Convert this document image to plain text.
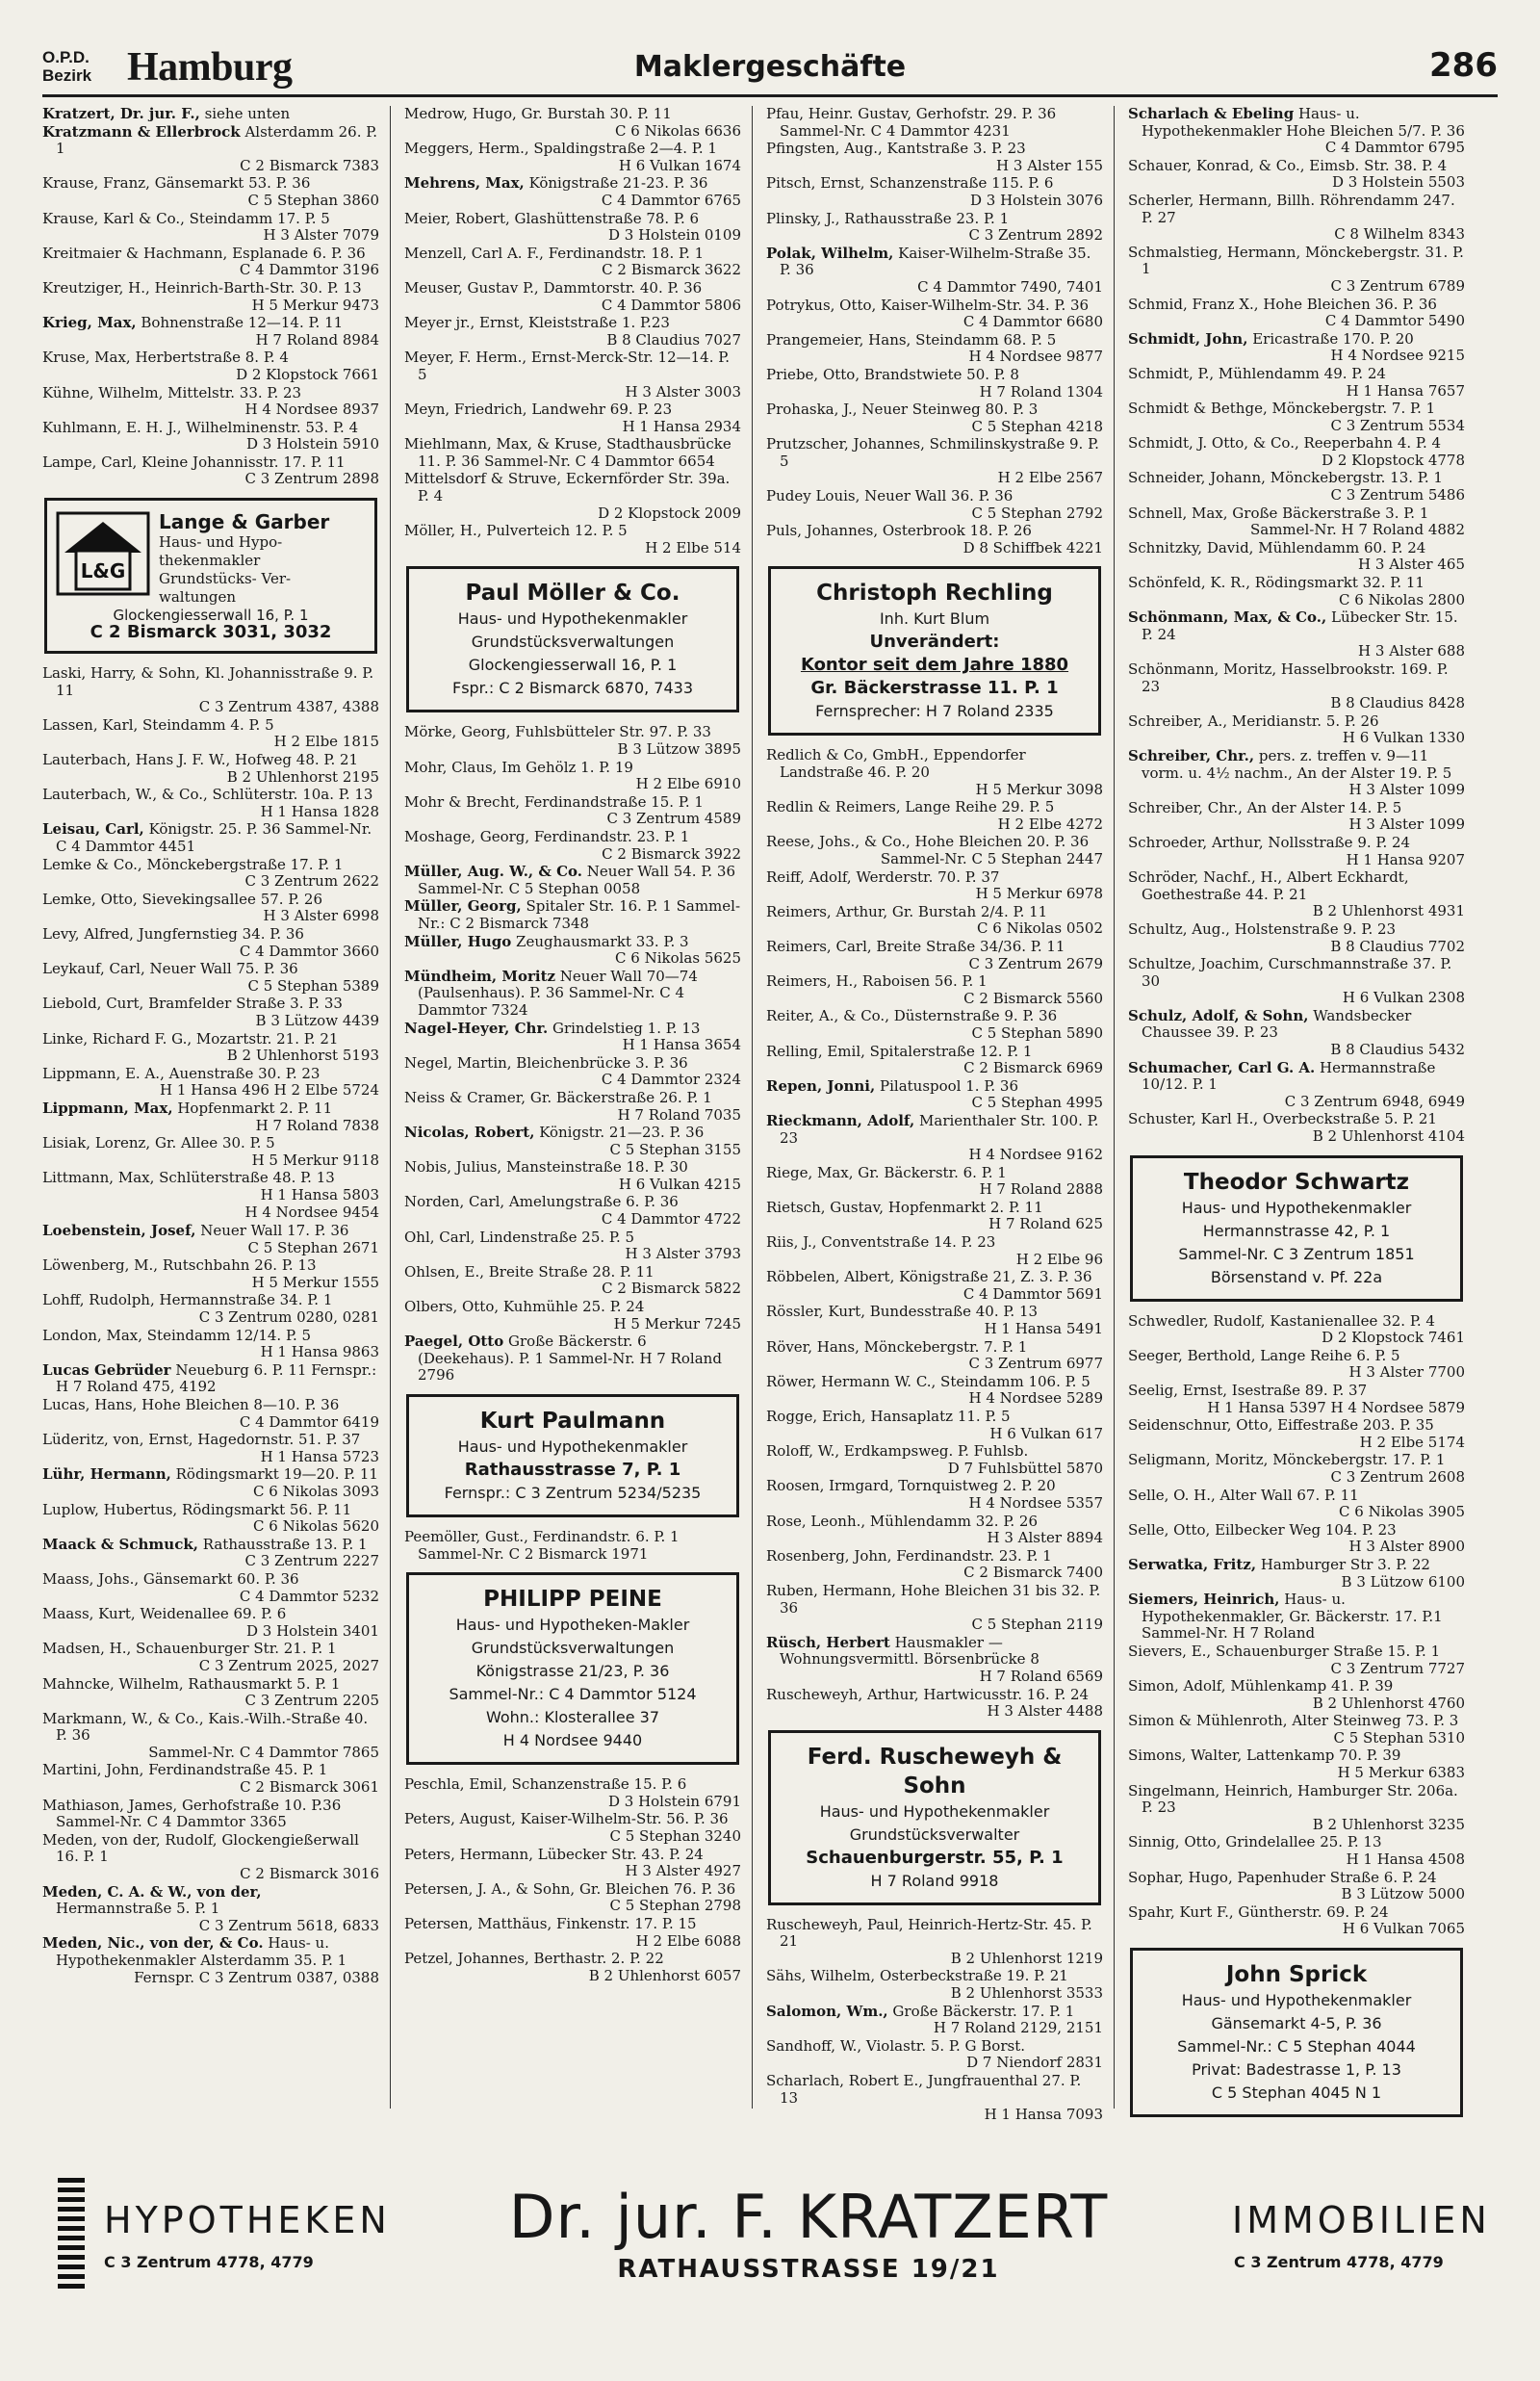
O.P.D.
Bezirk Hamburg	Maklergeschäfte	286
Kratzert, Dr. jur. F., siehe unten
Kratzmann & Ellerbrock Alsterdamm 26. P. 1
C 2 Bismarck 7383
Krause, Franz, Gänsemarkt 53. P. 36
C 5 Stephan 3860
Krause, Karl & Co., Steindamm 17. P. 5
H 3 Alster 7079
Kreitmaier & Hachmann, Esplanade 6. P. 36
C 4 Dammtor 3196
Kreutziger, H., Heinrich-Barth-Str. 30. P. 13
H 5 Merkur 9473
Krieg, Max, Bohnenstraße 12—14. P. 11
H 7 Roland 8984
Kruse, Max, Herbertstraße 8. P. 4
D 2 Klopstock 7661
Kühne, Wilhelm, Mittelstr. 33. P. 23
H 4 Nordsee 8937
Kuhlmann, E. H. J., Wilhelminenstr. 53. P. 4
D 3 Holstein 5910
Lampe, Carl, Kleine Johannisstr. 17. P. 11
C 3 Zentrum 2898
L&G
Lange & Garber
Haus- und Hypo-
thekenmakler
Grundstücks- Ver-
waltungen
Glockengiesserwall 16, P. 1
C 2 Bismarck 3031, 3032
Laski, Harry, & Sohn, Kl. Johannisstraße 9. P. 11
C 3 Zentrum 4387, 4388
Lassen, Karl, Steindamm 4. P. 5
H 2 Elbe 1815
Lauterbach, Hans J. F. W., Hofweg 48. P. 21
B 2 Uhlenhorst 2195
Lauterbach, W., & Co., Schlüterstr. 10a. P. 13
H 1 Hansa 1828
Leisau, Carl, Königstr. 25. P. 36 Sammel-Nr. C 4 Dammtor 4451
Lemke & Co., Mönckebergstraße 17. P. 1
C 3 Zentrum 2622
Lemke, Otto, Sievekingsallee 57. P. 26
H 3 Alster 6998
Levy, Alfred, Jungfernstieg 34. P. 36
C 4 Dammtor 3660
Leykauf, Carl, Neuer Wall 75. P. 36
C 5 Stephan 5389
Liebold, Curt, Bramfelder Straße 3. P. 33
B 3 Lützow 4439
Linke, Richard F. G., Mozartstr. 21. P. 21
B 2 Uhlenhorst 5193
Lippmann, E. A., Auenstraße 30. P. 23
H 1 Hansa 496 H 2 Elbe 5724
Lippmann, Max, Hopfenmarkt 2. P. 11
H 7 Roland 7838
Lisiak, Lorenz, Gr. Allee 30. P. 5
H 5 Merkur 9118
Littmann, Max, Schlüterstraße 48. P. 13
H 1 Hansa 5803
H 4 Nordsee 9454
Loebenstein, Josef, Neuer Wall 17. P. 36
C 5 Stephan 2671
Löwenberg, M., Rutschbahn 26. P. 13
H 5 Merkur 1555
Lohff, Rudolph, Hermannstraße 34. P. 1
C 3 Zentrum 0280, 0281
London, Max, Steindamm 12/14. P. 5
H 1 Hansa 9863
Lucas Gebrüder Neueburg 6. P. 11 Fernspr.: H 7 Roland 475, 4192
Lucas, Hans, Hohe Bleichen 8—10. P. 36
C 4 Dammtor 6419
Lüderitz, von, Ernst, Hagedornstr. 51. P. 37
H 1 Hansa 5723
Lühr, Hermann, Rödingsmarkt 19—20. P. 11
C 6 Nikolas 3093
Luplow, Hubertus, Rödingsmarkt 56. P. 11
C 6 Nikolas 5620
Maack & Schmuck, Rathausstraße 13. P. 1
C 3 Zentrum 2227
Maass, Johs., Gänsemarkt 60. P. 36
C 4 Dammtor 5232
Maass, Kurt, Weidenallee 69. P. 6
D 3 Holstein 3401
Madsen, H., Schauenburger Str. 21. P. 1
C 3 Zentrum 2025, 2027
Mahncke, Wilhelm, Rathausmarkt 5. P. 1
C 3 Zentrum 2205
Markmann, W., & Co., Kais.-Wilh.-Straße 40. P. 36
Sammel-Nr. C 4 Dammtor 7865
Martini, John, Ferdinandstraße 45. P. 1
C 2 Bismarck 3061
Mathiason, James, Gerhofstraße 10. P.36 Sammel-Nr. C 4 Dammtor 3365
Meden, von der, Rudolf, Glockengießerwall 16. P. 1
C 2 Bismarck 3016
Meden, C. A. & W., von der, Hermannstraße 5. P. 1
C 3 Zentrum 5618, 6833
Meden, Nic., von der, & Co. Haus- u. Hypothekenmakler Alsterdamm 35. P. 1
Fernspr. C 3 Zentrum 0387, 0388
Medrow, Hugo, Gr. Burstah 30. P. 11
C 6 Nikolas 6636
Meggers, Herm., Spaldingstraße 2—4. P. 1
H 6 Vulkan 1674
Mehrens, Max, Königstraße 21-23. P. 36
C 4 Dammtor 6765
Meier, Robert, Glashüttenstraße 78. P. 6
D 3 Holstein 0109
Menzell, Carl A. F., Ferdinandstr. 18. P. 1
C 2 Bismarck 3622
Meuser, Gustav P., Dammtorstr. 40. P. 36
C 4 Dammtor 5806
Meyer jr., Ernst, Kleiststraße 1. P.23
B 8 Claudius 7027
Meyer, F. Herm., Ernst-Merck-Str. 12—14. P. 5
H 3 Alster 3003
Meyn, Friedrich, Landwehr 69. P. 23
H 1 Hansa 2934
Miehlmann, Max, & Kruse, Stadthausbrücke 11. P. 36 Sammel-Nr. C 4 Dammtor 6654
Mittelsdorf & Struve, Eckernförder Str. 39a. P. 4
D 2 Klopstock 2009
Möller, H., Pulverteich 12. P. 5
H 2 Elbe 514
Paul Möller & Co.
Haus- und Hypothekenmakler
Grundstücksverwaltungen
Glockengiesserwall 16, P. 1
Fspr.: C 2 Bismarck 6870, 7433
Mörke, Georg, Fuhlsbütteler Str. 97. P. 33
B 3 Lützow 3895
Mohr, Claus, Im Gehölz 1. P. 19
H 2 Elbe 6910
Mohr & Brecht, Ferdinandstraße 15. P. 1
C 3 Zentrum 4589
Moshage, Georg, Ferdinandstr. 23. P. 1
C 2 Bismarck 3922
Müller, Aug. W., & Co. Neuer Wall 54. P. 36 Sammel-Nr. C 5 Stephan 0058
Müller, Georg, Spitaler Str. 16. P. 1 Sammel-Nr.: C 2 Bismarck 7348
Müller, Hugo Zeughausmarkt 33. P. 3
C 6 Nikolas 5625
Mündheim, Moritz Neuer Wall 70—74 (Paulsenhaus). P. 36 Sammel-Nr. C 4 Dammtor 7324
Nagel-Heyer, Chr. Grindelstieg 1. P. 13
H 1 Hansa 3654
Negel, Martin, Bleichenbrücke 3. P. 36
C 4 Dammtor 2324
Neiss & Cramer, Gr. Bäckerstraße 26. P. 1
H 7 Roland 7035
Nicolas, Robert, Königstr. 21—23. P. 36
C 5 Stephan 3155
Nobis, Julius, Mansteinstraße 18. P. 30
H 6 Vulkan 4215
Norden, Carl, Amelungstraße 6. P. 36
C 4 Dammtor 4722
Ohl, Carl, Lindenstraße 25. P. 5
H 3 Alster 3793
Ohlsen, E., Breite Straße 28. P. 11
C 2 Bismarck 5822
Olbers, Otto, Kuhmühle 25. P. 24
H 5 Merkur 7245
Paegel, Otto Große Bäckerstr. 6 (Deekehaus). P. 1 Sammel-Nr. H 7 Roland 2796
Kurt Paulmann
Haus- und Hypothekenmakler
Rathausstrasse 7, P. 1
Fernspr.: C 3 Zentrum 5234/5235
Peemöller, Gust., Ferdinandstr. 6. P. 1 Sammel-Nr. C 2 Bismarck 1971
PHILIPP PEINE
Haus- und Hypotheken-Makler
Grundstücksverwaltungen
Königstrasse 21/23, P. 36
Sammel-Nr.: C 4 Dammtor 5124
Wohn.: Klosterallee 37
H 4 Nordsee 9440
Peschla, Emil, Schanzenstraße 15. P. 6
D 3 Holstein 6791
Peters, August, Kaiser-Wilhelm-Str. 56. P. 36
C 5 Stephan 3240
Peters, Hermann, Lübecker Str. 43. P. 24
H 3 Alster 4927
Petersen, J. A., & Sohn, Gr. Bleichen 76. P. 36
C 5 Stephan 2798
Petersen, Matthäus, Finkenstr. 17. P. 15
H 2 Elbe 6088
Petzel, Johannes, Berthastr. 2. P. 22
B 2 Uhlenhorst 6057
Pfau, Heinr. Gustav, Gerhofstr. 29. P. 36 Sammel-Nr. C 4 Dammtor 4231
Pfingsten, Aug., Kantstraße 3. P. 23
H 3 Alster 155
Pitsch, Ernst, Schanzenstraße 115. P. 6
D 3 Holstein 3076
Plinsky, J., Rathausstraße 23. P. 1
C 3 Zentrum 2892
Polak, Wilhelm, Kaiser-Wilhelm-Straße 35. P. 36
C 4 Dammtor 7490, 7401
Potrykus, Otto, Kaiser-Wilhelm-Str. 34. P. 36
C 4 Dammtor 6680
Prangemeier, Hans, Steindamm 68. P. 5
H 4 Nordsee 9877
Priebe, Otto, Brandstwiete 50. P. 8
H 7 Roland 1304
Prohaska, J., Neuer Steinweg 80. P. 3
C 5 Stephan 4218
Prutzscher, Johannes, Schmilinskystraße 9. P. 5
H 2 Elbe 2567
Pudey Louis, Neuer Wall 36. P. 36
C 5 Stephan 2792
Puls, Johannes, Osterbrook 18. P. 26
D 8 Schiffbek 4221
Christoph Rechling
Inh. Kurt Blum
Unverändert:
Kontor seit dem Jahre 1880
Gr. Bäckerstrasse 11. P. 1
Fernsprecher: H 7 Roland 2335
Redlich & Co, GmbH., Eppendorfer Landstraße 46. P. 20
H 5 Merkur 3098
Redlin & Reimers, Lange Reihe 29. P. 5
H 2 Elbe 4272
Reese, Johs., & Co., Hohe Bleichen 20. P. 36
Sammel-Nr. C 5 Stephan 2447
Reiff, Adolf, Werderstr. 70. P. 37
H 5 Merkur 6978
Reimers, Arthur, Gr. Burstah 2/4. P. 11
C 6 Nikolas 0502
Reimers, Carl, Breite Straße 34/36. P. 11
C 3 Zentrum 2679
Reimers, H., Raboisen 56. P. 1
C 2 Bismarck 5560
Reiter, A., & Co., Düsternstraße 9. P. 36
C 5 Stephan 5890
Relling, Emil, Spitalerstraße 12. P. 1
C 2 Bismarck 6969
Repen, Jonni, Pilatuspool 1. P. 36
C 5 Stephan 4995
Rieckmann, Adolf, Marienthaler Str. 100. P. 23
H 4 Nordsee 9162
Riege, Max, Gr. Bäckerstr. 6. P. 1
H 7 Roland 2888
Rietsch, Gustav, Hopfenmarkt 2. P. 11
H 7 Roland 625
Riis, J., Conventstraße 14. P. 23
H 2 Elbe 96
Röbbelen, Albert, Königstraße 21, Z. 3. P. 36
C 4 Dammtor 5691
Rössler, Kurt, Bundesstraße 40. P. 13
H 1 Hansa 5491
Röver, Hans, Mönckebergstr. 7. P. 1
C 3 Zentrum 6977
Röwer, Hermann W. C., Steindamm 106. P. 5
H 4 Nordsee 5289
Rogge, Erich, Hansaplatz 11. P. 5
H 6 Vulkan 617
Roloff, W., Erdkampsweg. P. Fuhlsb.
D 7 Fuhlsbüttel 5870
Roosen, Irmgard, Tornquistweg 2. P. 20
H 4 Nordsee 5357
Rose, Leonh., Mühlendamm 32. P. 26
H 3 Alster 8894
Rosenberg, John, Ferdinandstr. 23. P. 1
C 2 Bismarck 7400
Ruben, Hermann, Hohe Bleichen 31 bis 32. P. 36
C 5 Stephan 2119
Rüsch, Herbert Hausmakler — Wohnungsvermittl. Börsenbrücke 8
H 7 Roland 6569
Ruscheweyh, Arthur, Hartwicusstr. 16. P. 24
H 3 Alster 4488
Ferd. Ruscheweyh & Sohn
Haus- und Hypothekenmakler
Grundstücksverwalter
Schauenburgerstr. 55, P. 1
H 7 Roland 9918
Ruscheweyh, Paul, Heinrich-Hertz-Str. 45. P. 21
B 2 Uhlenhorst 1219
Sähs, Wilhelm, Osterbeckstraße 19. P. 21
B 2 Uhlenhorst 3533
Salomon, Wm., Große Bäckerstr. 17. P. 1
H 7 Roland 2129, 2151
Sandhoff, W., Violastr. 5. P. G Borst.
D 7 Niendorf 2831
Scharlach, Robert E., Jungfrauenthal 27. P. 13
H 1 Hansa 7093
Scharlach & Ebeling Haus- u. Hypothekenmakler Hohe Bleichen 5/7. P. 36
C 4 Dammtor 6795
Schauer, Konrad, & Co., Eimsb. Str. 38. P. 4
D 3 Holstein 5503
Scherler, Hermann, Billh. Röhrendamm 247. P. 27
C 8 Wilhelm 8343
Schmalstieg, Hermann, Mönckebergstr. 31. P. 1
C 3 Zentrum 6789
Schmid, Franz X., Hohe Bleichen 36. P. 36
C 4 Dammtor 5490
Schmidt, John, Ericastraße 170. P. 20
H 4 Nordsee 9215
Schmidt, P., Mühlendamm 49. P. 24
H 1 Hansa 7657
Schmidt & Bethge, Mönckebergstr. 7. P. 1
C 3 Zentrum 5534
Schmidt, J. Otto, & Co., Reeperbahn 4. P. 4
D 2 Klopstock 4778
Schneider, Johann, Mönckebergstr. 13. P. 1
C 3 Zentrum 5486
Schnell, Max, Große Bäckerstraße 3. P. 1
Sammel-Nr. H 7 Roland 4882
Schnitzky, David, Mühlendamm 60. P. 24
H 3 Alster 465
Schönfeld, K. R., Rödingsmarkt 32. P. 11
C 6 Nikolas 2800
Schönmann, Max, & Co., Lübecker Str. 15. P. 24
H 3 Alster 688
Schönmann, Moritz, Hasselbrookstr. 169. P. 23
B 8 Claudius 8428
Schreiber, A., Meridianstr. 5. P. 26
H 6 Vulkan 1330
Schreiber, Chr., pers. z. treffen v. 9—11 vorm. u. 4½ nachm., An der Alster 19. P. 5
H 3 Alster 1099
Schreiber, Chr., An der Alster 14. P. 5
H 3 Alster 1099
Schroeder, Arthur, Nollsstraße 9. P. 24
H 1 Hansa 9207
Schröder, Nachf., H., Albert Eckhardt, Goethestraße 44. P. 21
B 2 Uhlenhorst 4931
Schultz, Aug., Holstenstraße 9. P. 23
B 8 Claudius 7702
Schultze, Joachim, Curschmannstraße 37. P. 30
H 6 Vulkan 2308
Schulz, Adolf, & Sohn, Wandsbecker Chaussee 39. P. 23
B 8 Claudius 5432
Schumacher, Carl G. A. Hermannstraße 10/12. P. 1
C 3 Zentrum 6948, 6949
Schuster, Karl H., Overbeckstraße 5. P. 21
B 2 Uhlenhorst 4104
Theodor Schwartz
Haus- und Hypothekenmakler
Hermannstrasse 42, P. 1
Sammel-Nr. C 3 Zentrum 1851
Börsenstand v. Pf. 22a
Schwedler, Rudolf, Kastanienallee 32. P. 4
D 2 Klopstock 7461
Seeger, Berthold, Lange Reihe 6. P. 5
H 3 Alster 7700
Seelig, Ernst, Isestraße 89. P. 37
H 1 Hansa 5397 H 4 Nordsee 5879
Seidenschnur, Otto, Eiffestraße 203. P. 35
H 2 Elbe 5174
Seligmann, Moritz, Mönckebergstr. 17. P. 1
C 3 Zentrum 2608
Selle, O. H., Alter Wall 67. P. 11
C 6 Nikolas 3905
Selle, Otto, Eilbecker Weg 104. P. 23
H 3 Alster 8900
Serwatka, Fritz, Hamburger Str 3. P. 22
B 3 Lützow 6100
Siemers, Heinrich, Haus- u. Hypothekenmakler, Gr. Bäckerstr. 17. P.1 Sammel-Nr. H 7 Roland
Sievers, E., Schauenburger Straße 15. P. 1
C 3 Zentrum 7727
Simon, Adolf, Mühlenkamp 41. P. 39
B 2 Uhlenhorst 4760
Simon & Mühlenroth, Alter Steinweg 73. P. 3
C 5 Stephan 5310
Simons, Walter, Lattenkamp 70. P. 39
H 5 Merkur 6383
Singelmann, Heinrich, Hamburger Str. 206a. P. 23
B 2 Uhlenhorst 3235
Sinnig, Otto, Grindelallee 25. P. 13
H 1 Hansa 4508
Sophar, Hugo, Papenhuder Straße 6. P. 24
B 3 Lützow 5000
Spahr, Kurt F., Güntherstr. 69. P. 24
H 6 Vulkan 7065
John Sprick
Haus- und Hypothekenmakler
Gänsemarkt 4-5, P. 36
Sammel-Nr.: C 5 Stephan 4044
Privat: Badestrasse 1, P. 13
C 5 Stephan 4045 N 1
HYPOTHEKEN
C 3 Zentrum 4778, 4779
Dr. jur. F. KRATZERT
RATHAUSSTRASSE 19/21
IMMOBILIEN
C 3 Zentrum 4778, 4779
